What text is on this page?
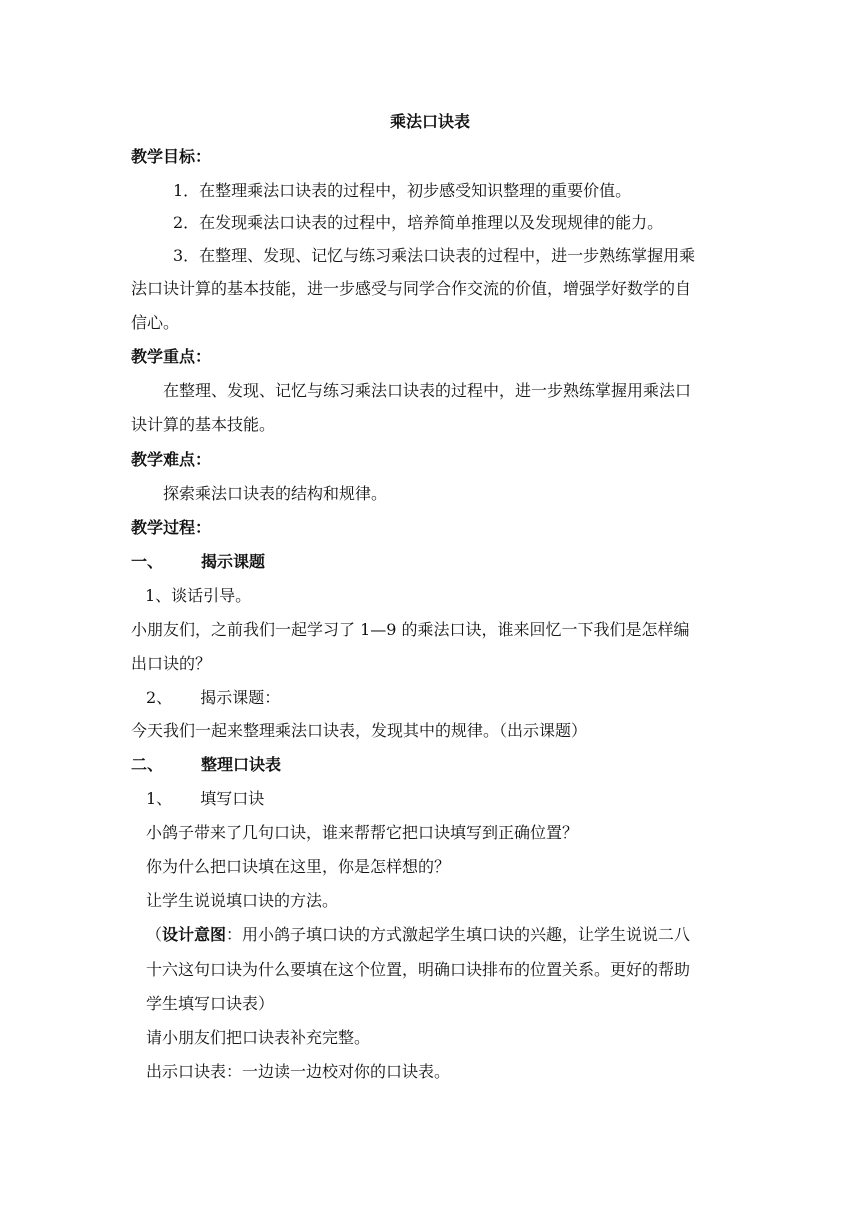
乘法口诀表
教学目标：
1．在整理乘法口诀表的过程中，初步感受知识整理的重要价值。
2．在发现乘法口诀表的过程中，培养简单推理以及发现规律的能力。
3．在整理、发现、记忆与练习乘法口诀表的过程中，进一步熟练掌握用乘
法口诀计算的基本技能，进一步感受与同学合作交流的价值，增强学好数学的自
信心。
教学重点：
在整理、发现、记忆与练习乘法口诀表的过程中，进一步熟练掌握用乘法口
诀计算的基本技能。
教学难点：
探索乘法口诀表的结构和规律。
教学过程：
一、 揭示课题
1、谈话引导。
小朋友们，之前我们一起学习了 1—9 的乘法口诀，谁来回忆一下我们是怎样编
出口诀的？
2、 揭示课题：
今天我们一起来整理乘法口诀表，发现其中的规律。（出示课题）
二、 整理口诀表
1、 填写口诀
小鸽子带来了几句口诀，谁来帮帮它把口诀填写到正确位置？
你为什么把口诀填在这里，你是怎样想的？
让学生说说填口诀的方法。
（设计意图：用小鸽子填口诀的方式激起学生填口诀的兴趣，让学生说说二八
十六这句口诀为什么要填在这个位置，明确口诀排布的位置关系。更好的帮助
学生填写口诀表）
请小朋友们把口诀表补充完整。
出示口诀表：一边读一边校对你的口诀表。
